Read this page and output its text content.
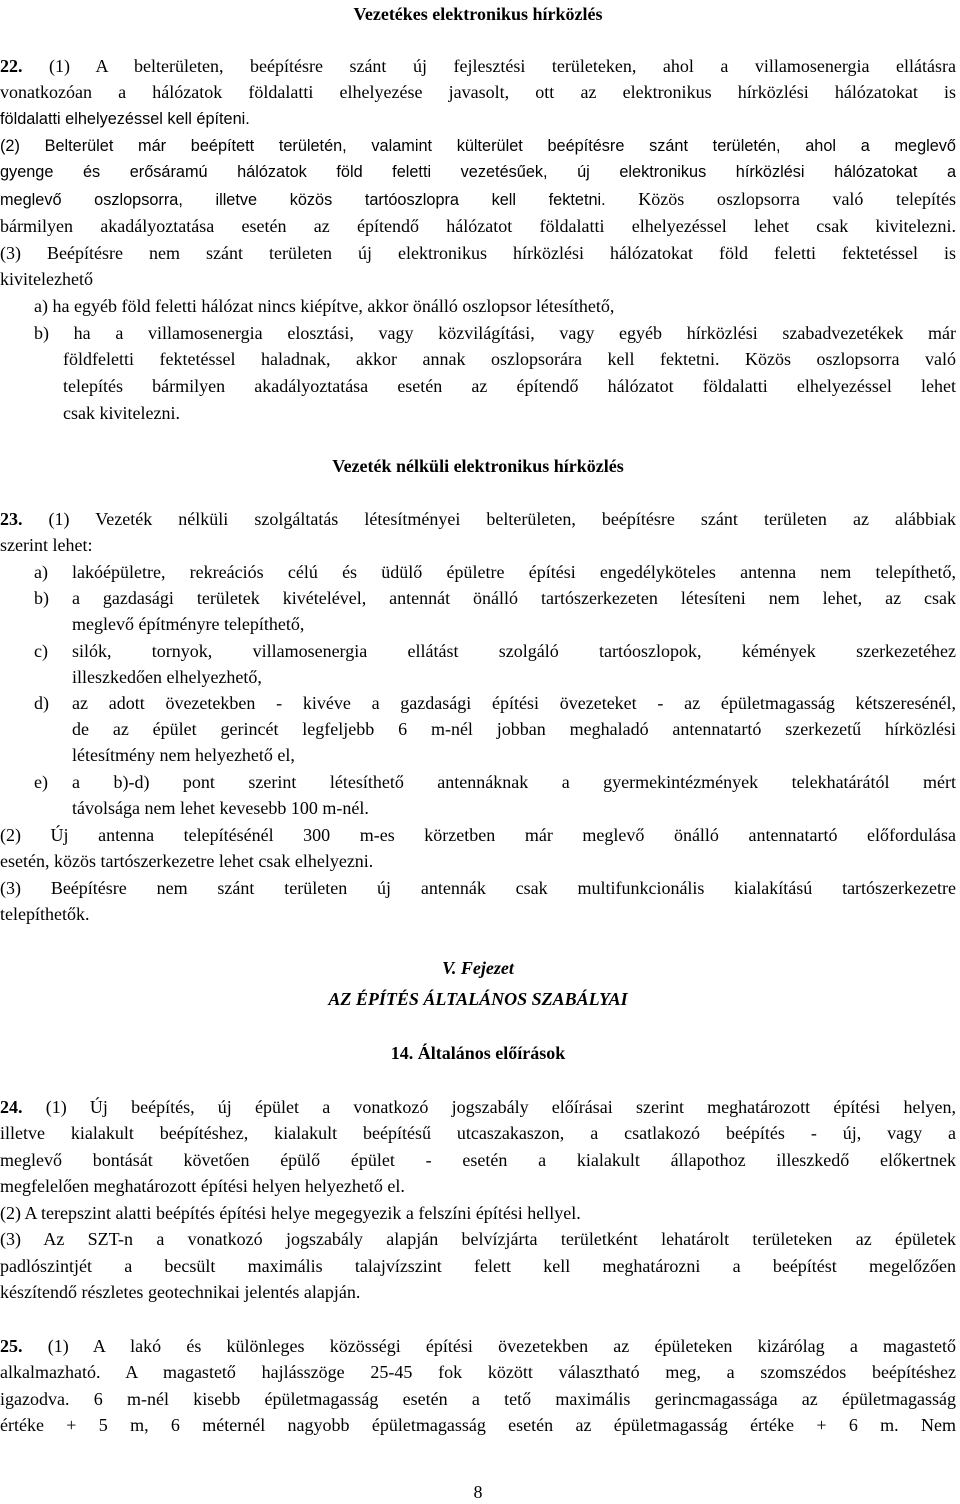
Vezetékes elektronikus hírközlés
22. (1) A belterületen, beépítésre szánt új fejlesztési területeken, ahol a villamosenergia ellátásra
vonatkozóan a hálózatok földalatti elhelyezése javasolt, ott az elektronikus hírközlési hálózatokat is
földalatti elhelyezéssel kell építeni.
(2) Belterület már beépített területén, valamint külterület beépítésre szánt területén, ahol a meglevő
gyenge és erősáramú hálózatok föld feletti vezetésűek, új elektronikus hírközlési hálózatokat a
meglevő oszlopsorra, illetve közös tartóoszlopra kell fektetni. Közös oszlopsorra való telepítés
bármilyen akadályoztatása esetén az építendő hálózatot földalatti elhelyezéssel lehet csak kivitelezni.
(3) Beépítésre nem szánt területen új elektronikus hírközlési hálózatokat föld feletti fektetéssel is
kivitelezhető
a) ha egyéb föld feletti hálózat nincs kiépítve, akkor önálló oszlopsor létesíthető,
b) ha a villamosenergia elosztási, vagy közvilágítási, vagy egyéb hírközlési szabadvezetékek már
földfeletti fektetéssel haladnak, akkor annak oszlopsorára kell fektetni. Közös oszlopsorra való
telepítés bármilyen akadályoztatása esetén az építendő hálózatot földalatti elhelyezéssel lehet
csak kivitelezni.
Vezeték nélküli elektronikus hírközlés
23. (1) Vezeték nélküli szolgáltatás létesítményei belterületen, beépítésre szánt területen az alábbiak
szerint lehet:
a) lakóépületre, rekreációs célú és üdülő épületre építési engedélyköteles antenna nem telepíthető,
b) a gazdasági területek kivételével, antennát önálló tartószerkezeten létesíteni nem lehet, az csak
meglevő építményre telepíthető,
c) silók, tornyok, villamosenergia ellátást szolgáló tartóoszlopok, kémények szerkezetéhez
illeszkedően elhelyezhető,
d) az adott övezetekben - kivéve a gazdasági építési övezeteket - az épületmagasság kétszeresénél,
de az épület gerincét legfeljebb 6 m-nél jobban meghaladó antennatartó szerkezetű hírközlési
létesítmény nem helyezhető el,
e) a b)-d) pont szerint létesíthető antennáknak a gyermekintézmények telekhatárától mért
távolsága nem lehet kevesebb 100 m-nél.
(2) Új antenna telepítésénél 300 m-es körzetben már meglevő önálló antennatartó előfordulása
esetén, közös tartószerkezetre lehet csak elhelyezni.
(3) Beépítésre nem szánt területen új antennák csak multifunkcionális kialakítású tartószerkezetre
telepíthetők.
V. Fejezet
AZ ÉPÍTÉS ÁLTALÁNOS SZABÁLYAI
14. Általános előírások
24. (1) Új beépítés, új épület a vonatkozó jogszabály előírásai szerint meghatározott építési helyen,
illetve kialakult beépítéshez, kialakult beépítésű utcaszakaszon, a csatlakozó beépítés - új, vagy a
meglevő bontását követően épülő épület - esetén a kialakult állapothoz illeszkedő előkertnek
megfelelően meghatározott építési helyen helyezhető el.
(2) A terepszint alatti beépítés építési helye megegyezik a felszíni építési hellyel.
(3) Az SZT-n a vonatkozó jogszabály alapján belvízjárta területként lehatárolt területeken az épületek
padlószintjét a becsült maximális talajvízszint felett kell meghatározni a beépítést megelőzően
készítendő részletes geotechnikai jelentés alapján.
25. (1) A lakó és különleges közösségi építési övezetekben az épületeken kizárólag a magastető
alkalmazható. A magastető hajlásszöge 25-45 fok között választható meg, a szomszédos beépítéshez
igazodva. 6 m-nél kisebb épületmagasság esetén a tető maximális gerincmagassága az épületmagasság
értéke + 5 m, 6 méternél nagyobb épületmagasság esetén az épületmagasság értéke + 6 m. Nem
8
